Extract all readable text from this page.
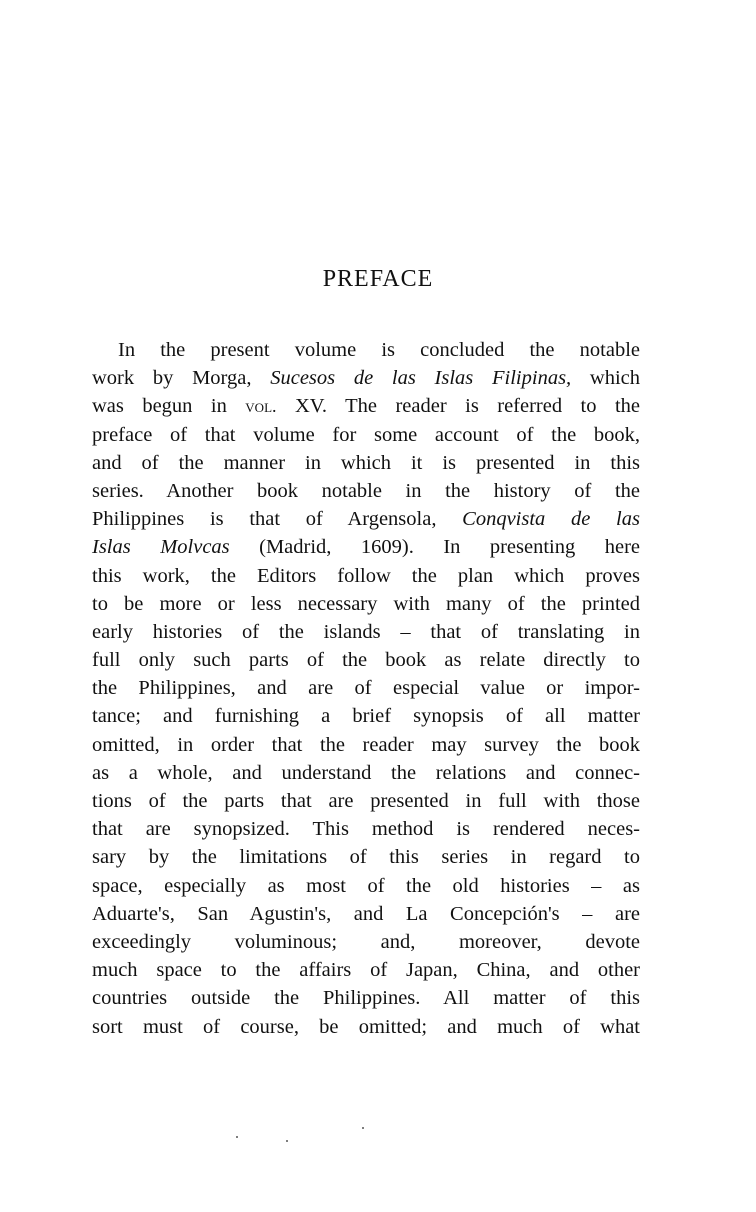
PREFACE
In the present volume is concluded the notable
work by Morga, Sucesos de las Islas Filipinas, which
was begun in vol. XV. The reader is referred to the
preface of that volume for some account of the book,
and of the manner in which it is presented in this
series. Another book notable in the history of the
Philippines is that of Argensola, Conqvista de las
Islas Molvcas (Madrid, 1609). In presenting here
this work, the Editors follow the plan which proves
to be more or less necessary with many of the printed
early histories of the islands – that of translating in
full only such parts of the book as relate directly to
the Philippines, and are of especial value or impor-
tance; and furnishing a brief synopsis of all matter
omitted, in order that the reader may survey the book
as a whole, and understand the relations and connec-
tions of the parts that are presented in full with those
that are synopsized. This method is rendered neces-
sary by the limitations of this series in regard to
space, especially as most of the old histories – as
Aduarte's, San Agustin's, and La Concepción's – are
exceedingly voluminous; and, moreover, devote
much space to the affairs of Japan, China, and other
countries outside the Philippines. All matter of this
sort must of course, be omitted; and much of what
